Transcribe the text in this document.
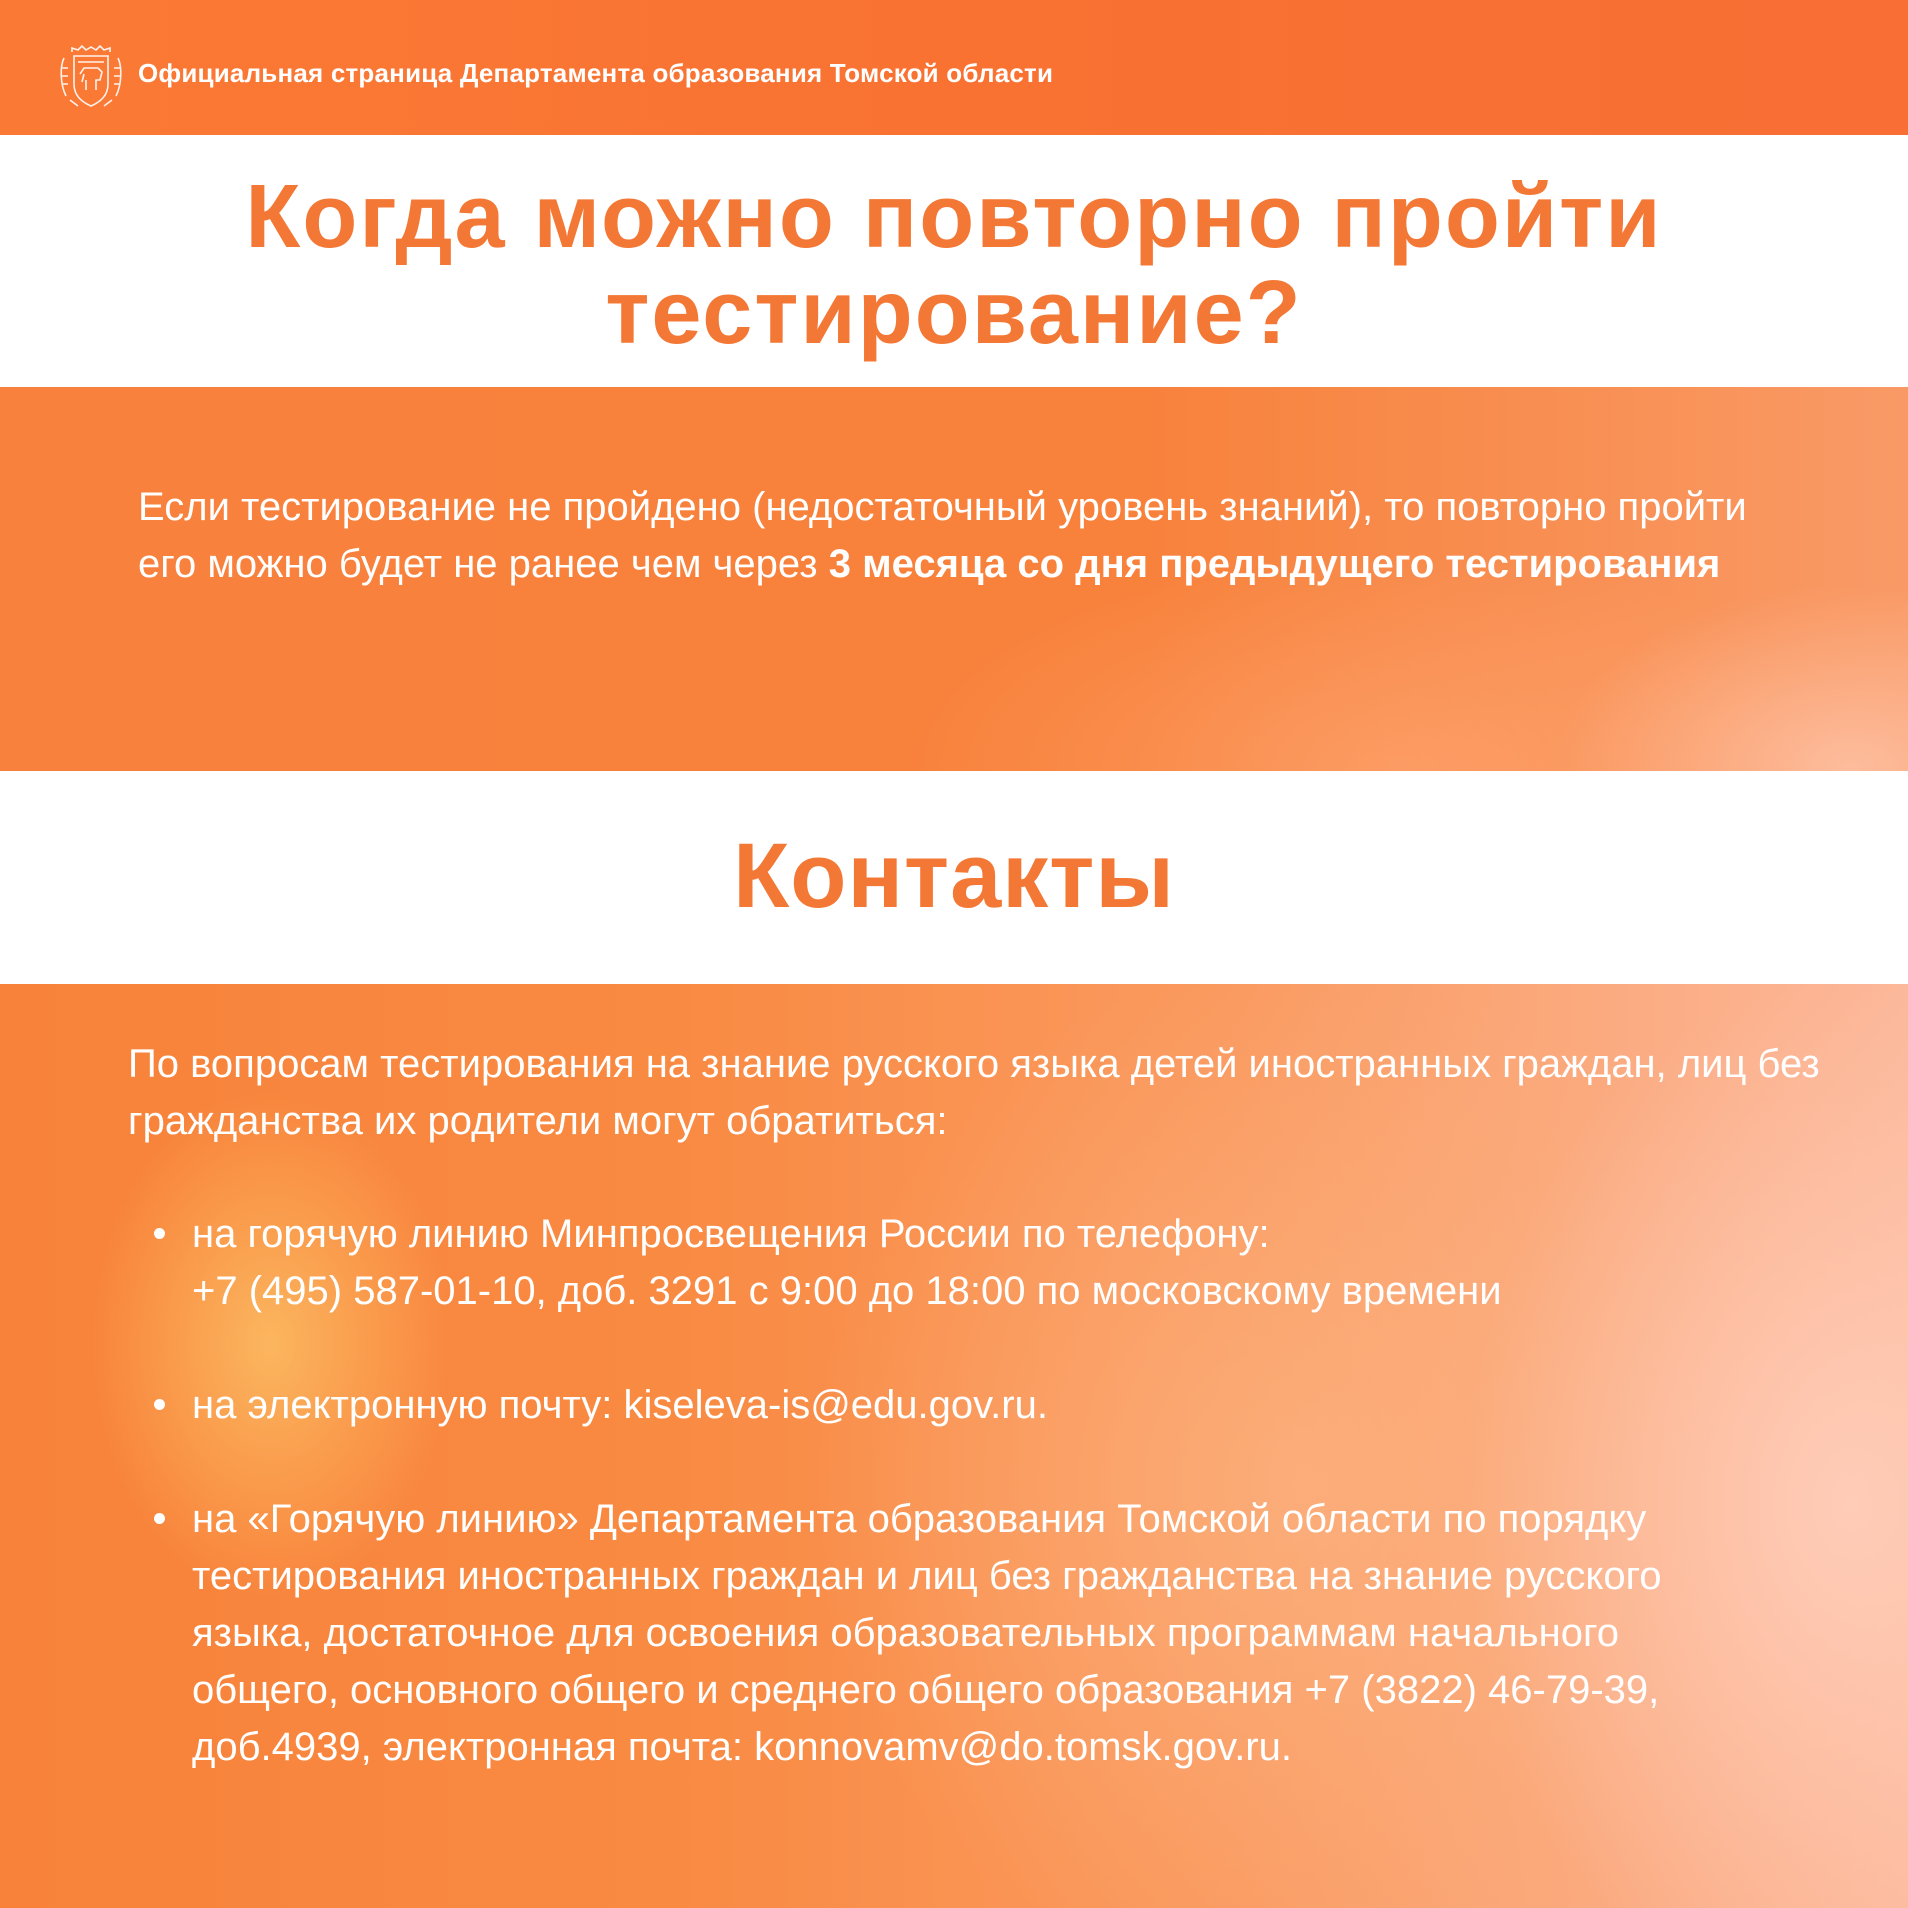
Официальная страница Департамента образования Томской области
Когда можно повторно пройти
тестирование?
Если тестирование не пройдено (недостаточный уровень знаний), то повторно пройти его можно будет не ранее чем через 3 месяца со дня предыдущего тестирования
Контакты
По вопросам тестирования на знание русского языка детей иностранных граждан, лиц без гражданства их родители могут обратиться:
на горячую линию Минпросвещения России по телефону:
+7 (495) 587-01-10, доб. 3291 с 9:00 до 18:00 по московскому времени
на электронную почту: kiseleva-is@edu.gov.ru.
на «Горячую линию» Департамента образования Томской области по порядку тестирования иностранных граждан и лиц без гражданства на знание русского языка, достаточное для освоения образовательных программам начального общего, основного общего и среднего общего образования +7 (3822) 46-79-39, доб.4939, электронная почта: konnovamv@do.tomsk.gov.ru.
